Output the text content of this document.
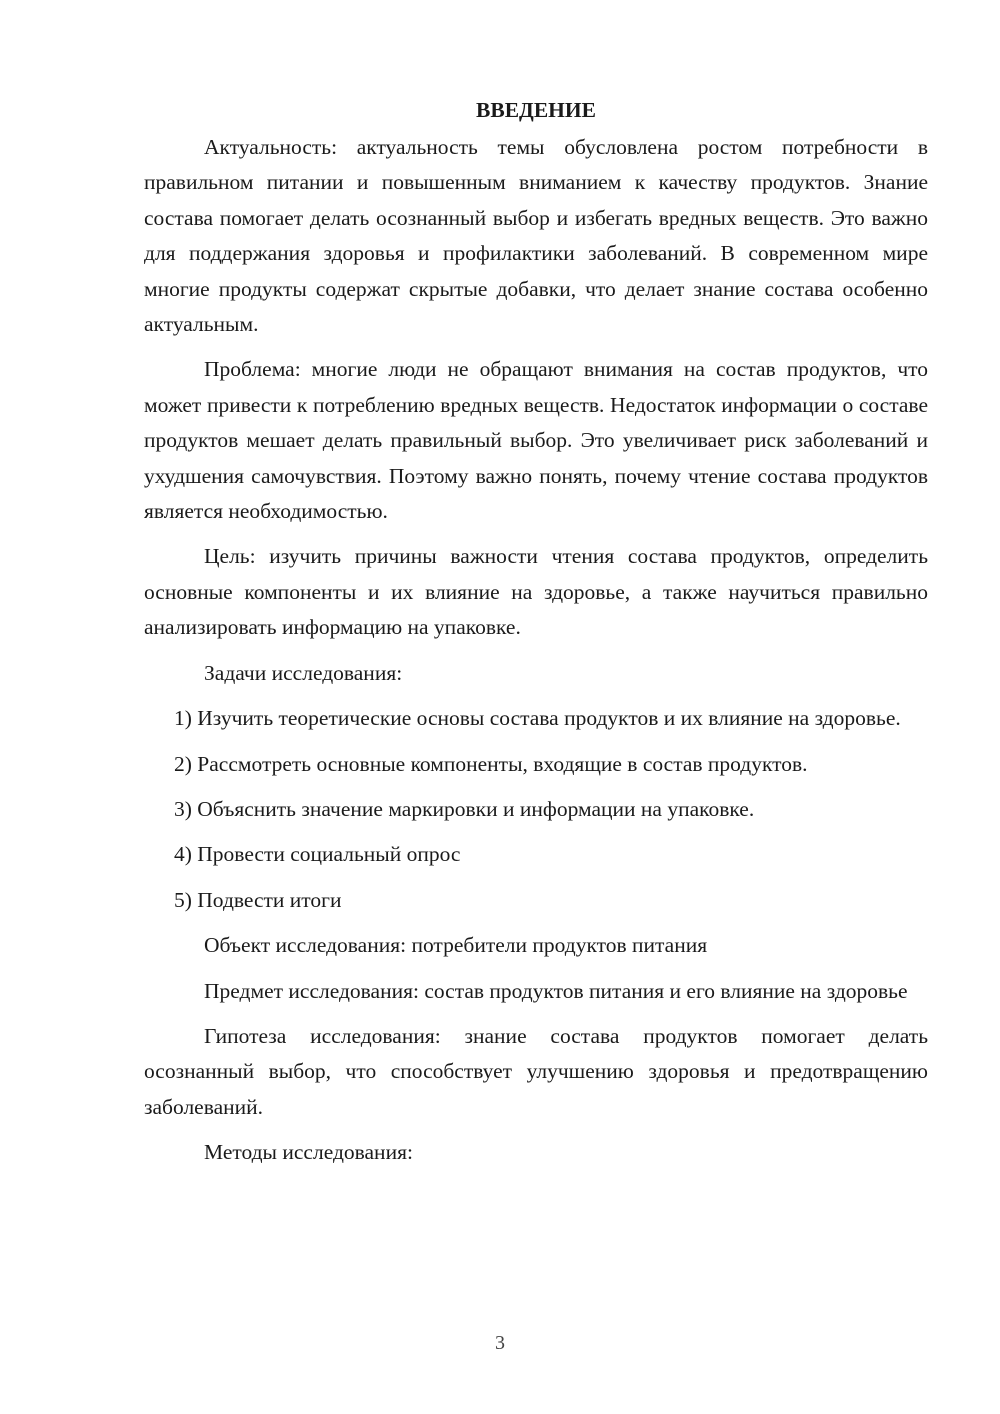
ВВЕДЕНИЕ

Актуальность: актуальность темы обусловлена ростом потребности в правильном питании и повышенным вниманием к качеству продуктов. Знание состава помогает делать осознанный выбор и избегать вредных веществ. Это важно для поддержания здоровья и профилактики заболеваний. В современном мире многие продукты содержат скрытые добавки, что делает знание состава особенно актуальным.

Проблема: многие люди не обращают внимания на состав продуктов, что может привести к потреблению вредных веществ. Недостаток информации о составе продуктов мешает делать правильный выбор. Это увеличивает риск заболеваний и ухудшения самочувствия. Поэтому важно понять, почему чтение состава продуктов является необходимостью.

Цель: изучить причины важности чтения состава продуктов, определить основные компоненты и их влияние на здоровье, а также научиться правильно анализировать информацию на упаковке.

Задачи исследования:

1) Изучить теоретические основы состава продуктов и их влияние на здоровье.

2) Рассмотреть основные компоненты, входящие в состав продуктов.

3) Объяснить значение маркировки и информации на упаковке.

4) Провести социальный опрос

5) Подвести итоги

Объект исследования: потребители продуктов питания

Предмет исследования: состав продуктов питания и его влияние на здоровье

Гипотеза исследования: знание состава продуктов помогает делать осознанный выбор, что способствует улучшению здоровья и предотвращению заболеваний.

Методы исследования:

3
